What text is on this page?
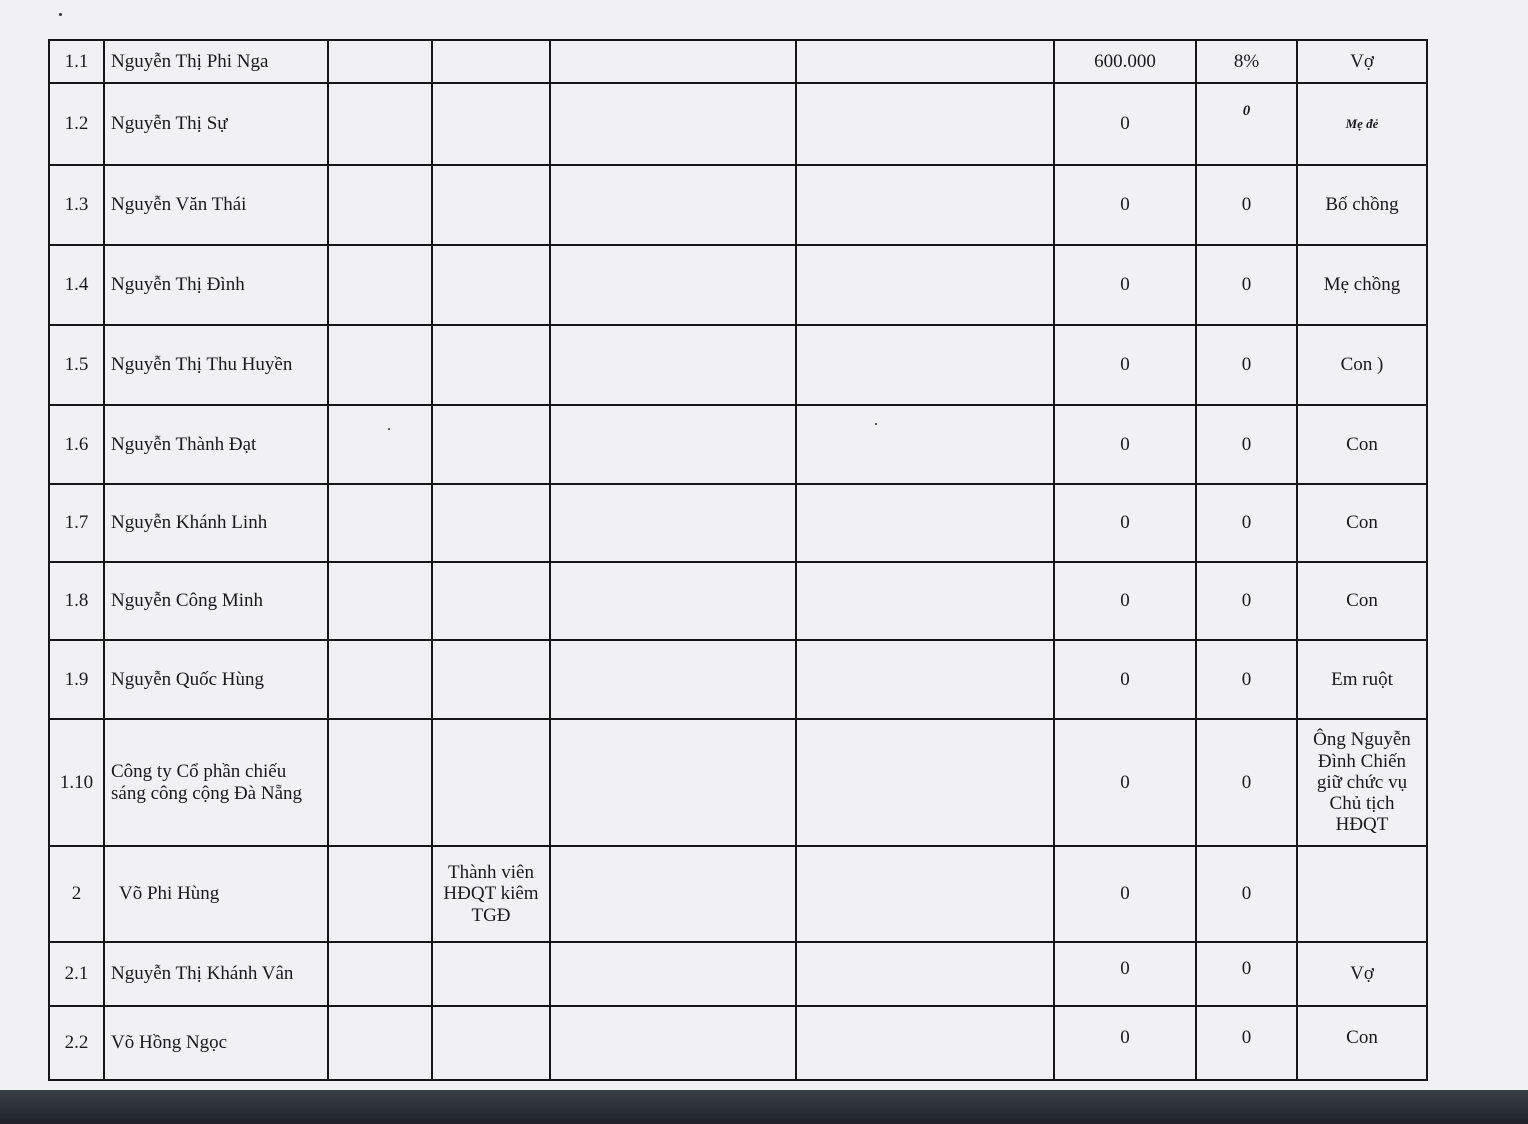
1.1	Nguyễn Thị Phi Nga					600.000	8%	Vợ
1.2	Nguyễn Thị Sự					0	0	Mẹ đẻ
1.3	Nguyễn Văn Thái					0	0	Bố chồng
1.4	Nguyễn Thị Đình					0	0	Mẹ chồng
1.5	Nguyễn Thị Thu Huyền					0	0	Con )
1.6	Nguyễn Thành Đạt					0	0	Con
1.7	Nguyễn Khánh Linh					0	0	Con
1.8	Nguyễn Công Minh					0	0	Con
1.9	Nguyễn Quốc Hùng					0	0	Em ruột
1.10	Công ty Cổ phần chiếu sáng công cộng Đà Nẵng					0	0	Ông Nguyễn Đình Chiến giữ chức vụ Chủ tịch HĐQT
2	Võ Phi Hùng		Thành viên HĐQT kiêm TGĐ			0	0	
2.1	Nguyễn Thị Khánh Vân					0	0	Vợ
2.2	Võ Hồng Ngọc					0	0	Con
